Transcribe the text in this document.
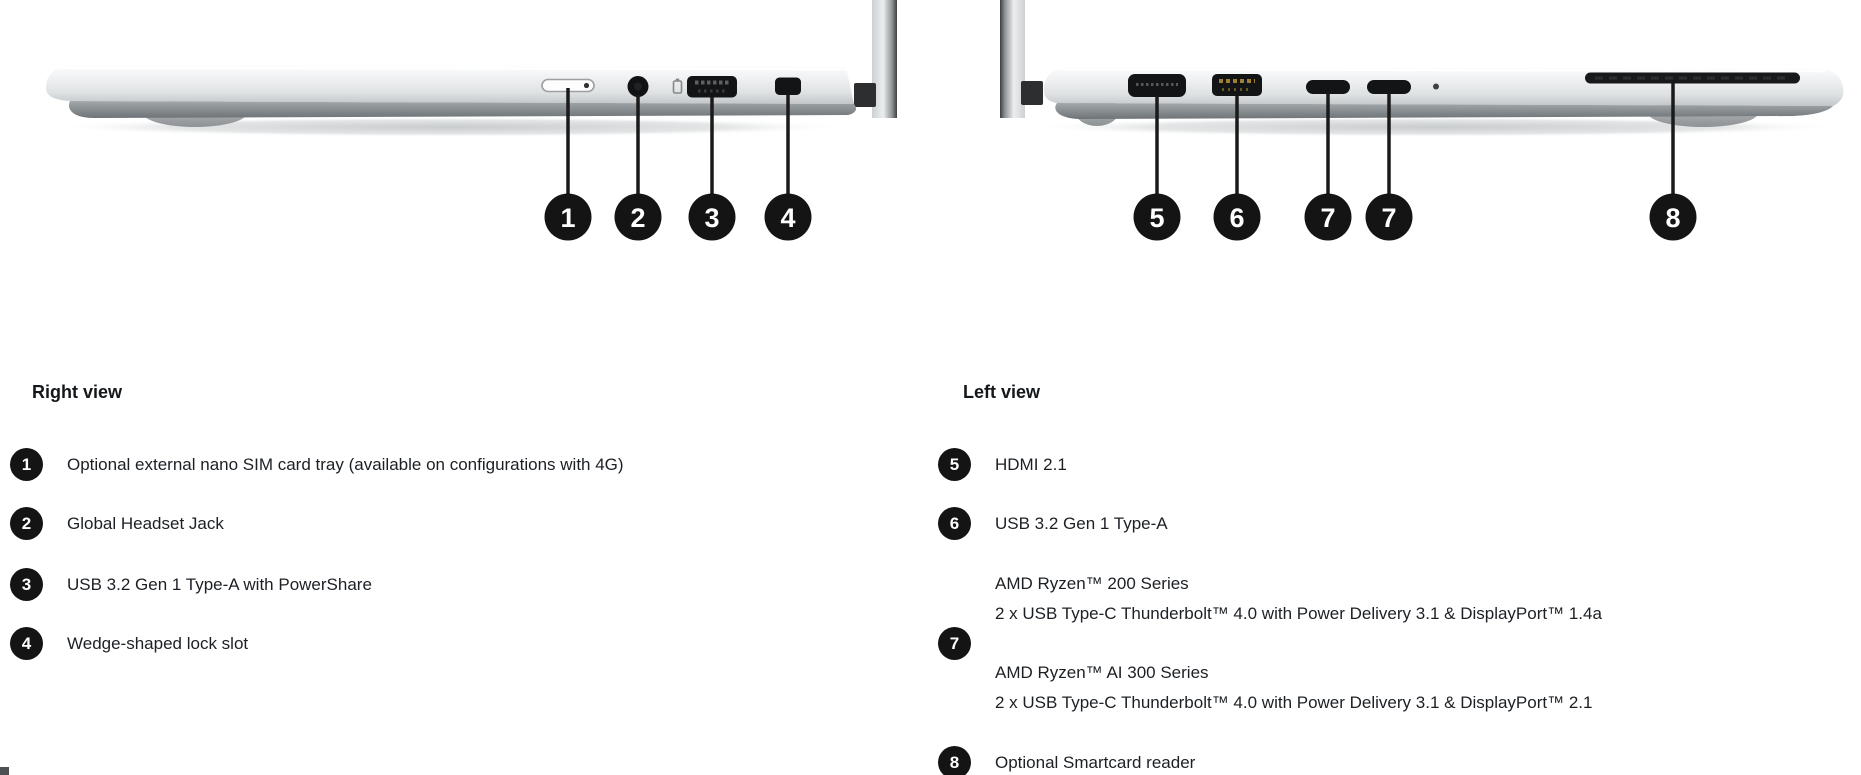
1 2 3 4	5 6	7 7	8
Right view
1	Optional external nano SIM card tray (available on configurations with 4G)
2	Global Headset Jack
3	USB 3.2 Gen 1 Type-A with PowerShare
4	Wedge-shaped lock slot
Left view
5	HDMI 2.1
6	USB 3.2 Gen 1 Type-A
7
AMD Ryzen™ 200 Series
2 x USB Type-C Thunderbolt™ 4.0 with Power Delivery 3.1 & DisplayPort™ 1.4a
AMD Ryzen™ AI 300 Series
2 x USB Type-C Thunderbolt™ 4.0 with Power Delivery 3.1 & DisplayPort™ 2.1
8	Optional Smartcard reader
